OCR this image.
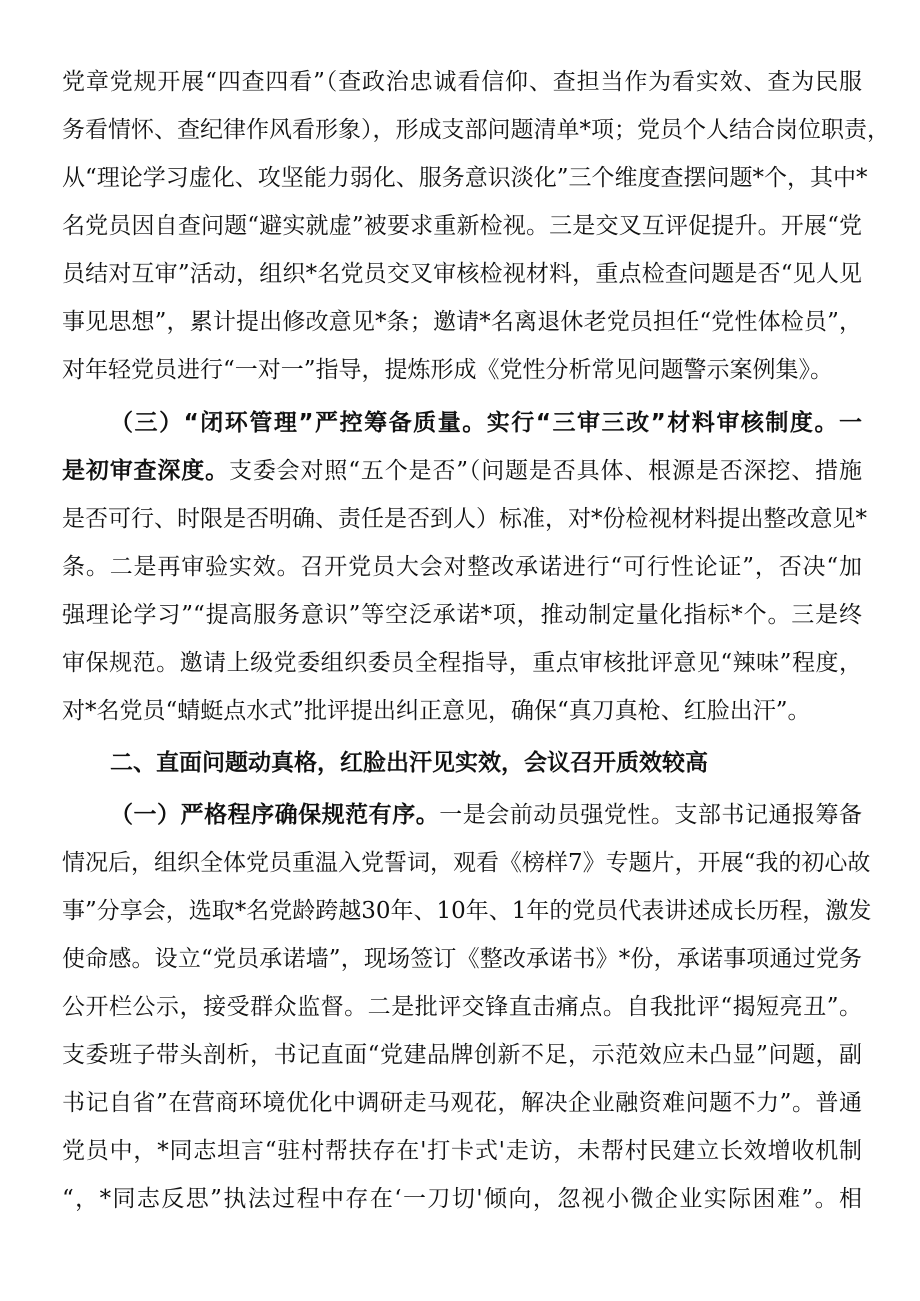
党章党规开展“四查四看”（查政治忠诚看信仰、查担当作为看实效、查为民服
务看情怀、查纪律作风看形象），形成支部问题清单*项；党员个人结合岗位职责，
从“理论学习虚化、攻坚能力弱化、服务意识淡化”三个维度查摆问题*个，其中*
名党员因自查问题“避实就虚”被要求重新检视。三是交叉互评促提升。开展“党
员结对互审”活动，组织*名党员交叉审核检视材料，重点检查问题是否“见人见
事见思想”，累计提出修改意见*条；邀请*名离退休老党员担任“党性体检员”，
对年轻党员进行“一对一”指导，提炼形成《党性分析常见问题警示案例集》。
（三）“闭环管理”严控筹备质量。实行“三审三改”材料审核制度。一
是初审查深度。支委会对照“五个是否”（问题是否具体、根源是否深挖、措施
是否可行、时限是否明确、责任是否到人）标准，对*份检视材料提出整改意见*
条。二是再审验实效。召开党员大会对整改承诺进行“可行性论证”，否决“加
强理论学习”“提高服务意识”等空泛承诺*项，推动制定量化指标*个。三是终
审保规范。邀请上级党委组织委员全程指导，重点审核批评意见“辣味”程度，
对*名党员“蜻蜓点水式”批评提出纠正意见，确保“真刀真枪、红脸出汗”。
二、直面问题动真格，红脸出汗见实效，会议召开质效较高
（一）严格程序确保规范有序。一是会前动员强党性。支部书记通报筹备
情况后，组织全体党员重温入党誓词，观看《榜样7》专题片，开展“我的初心故
事”分享会，选取*名党龄跨越30年、10年、1年的党员代表讲述成长历程，激发
使命感。设立“党员承诺墙”，现场签订《整改承诺书》*份，承诺事项通过党务
公开栏公示，接受群众监督。二是批评交锋直击痛点。自我批评“揭短亮丑”。
支委班子带头剖析，书记直面“党建品牌创新不足，示范效应未凸显”问题，副
书记自省”在营商环境优化中调研走马观花，解决企业融资难问题不力”。普通
党员中，*同志坦言“驻村帮扶存在'打卡式'走访，未帮村民建立长效增收机制
“，*同志反思”执法过程中存在‘一刀切'倾向，忽视小微企业实际困难”。相
